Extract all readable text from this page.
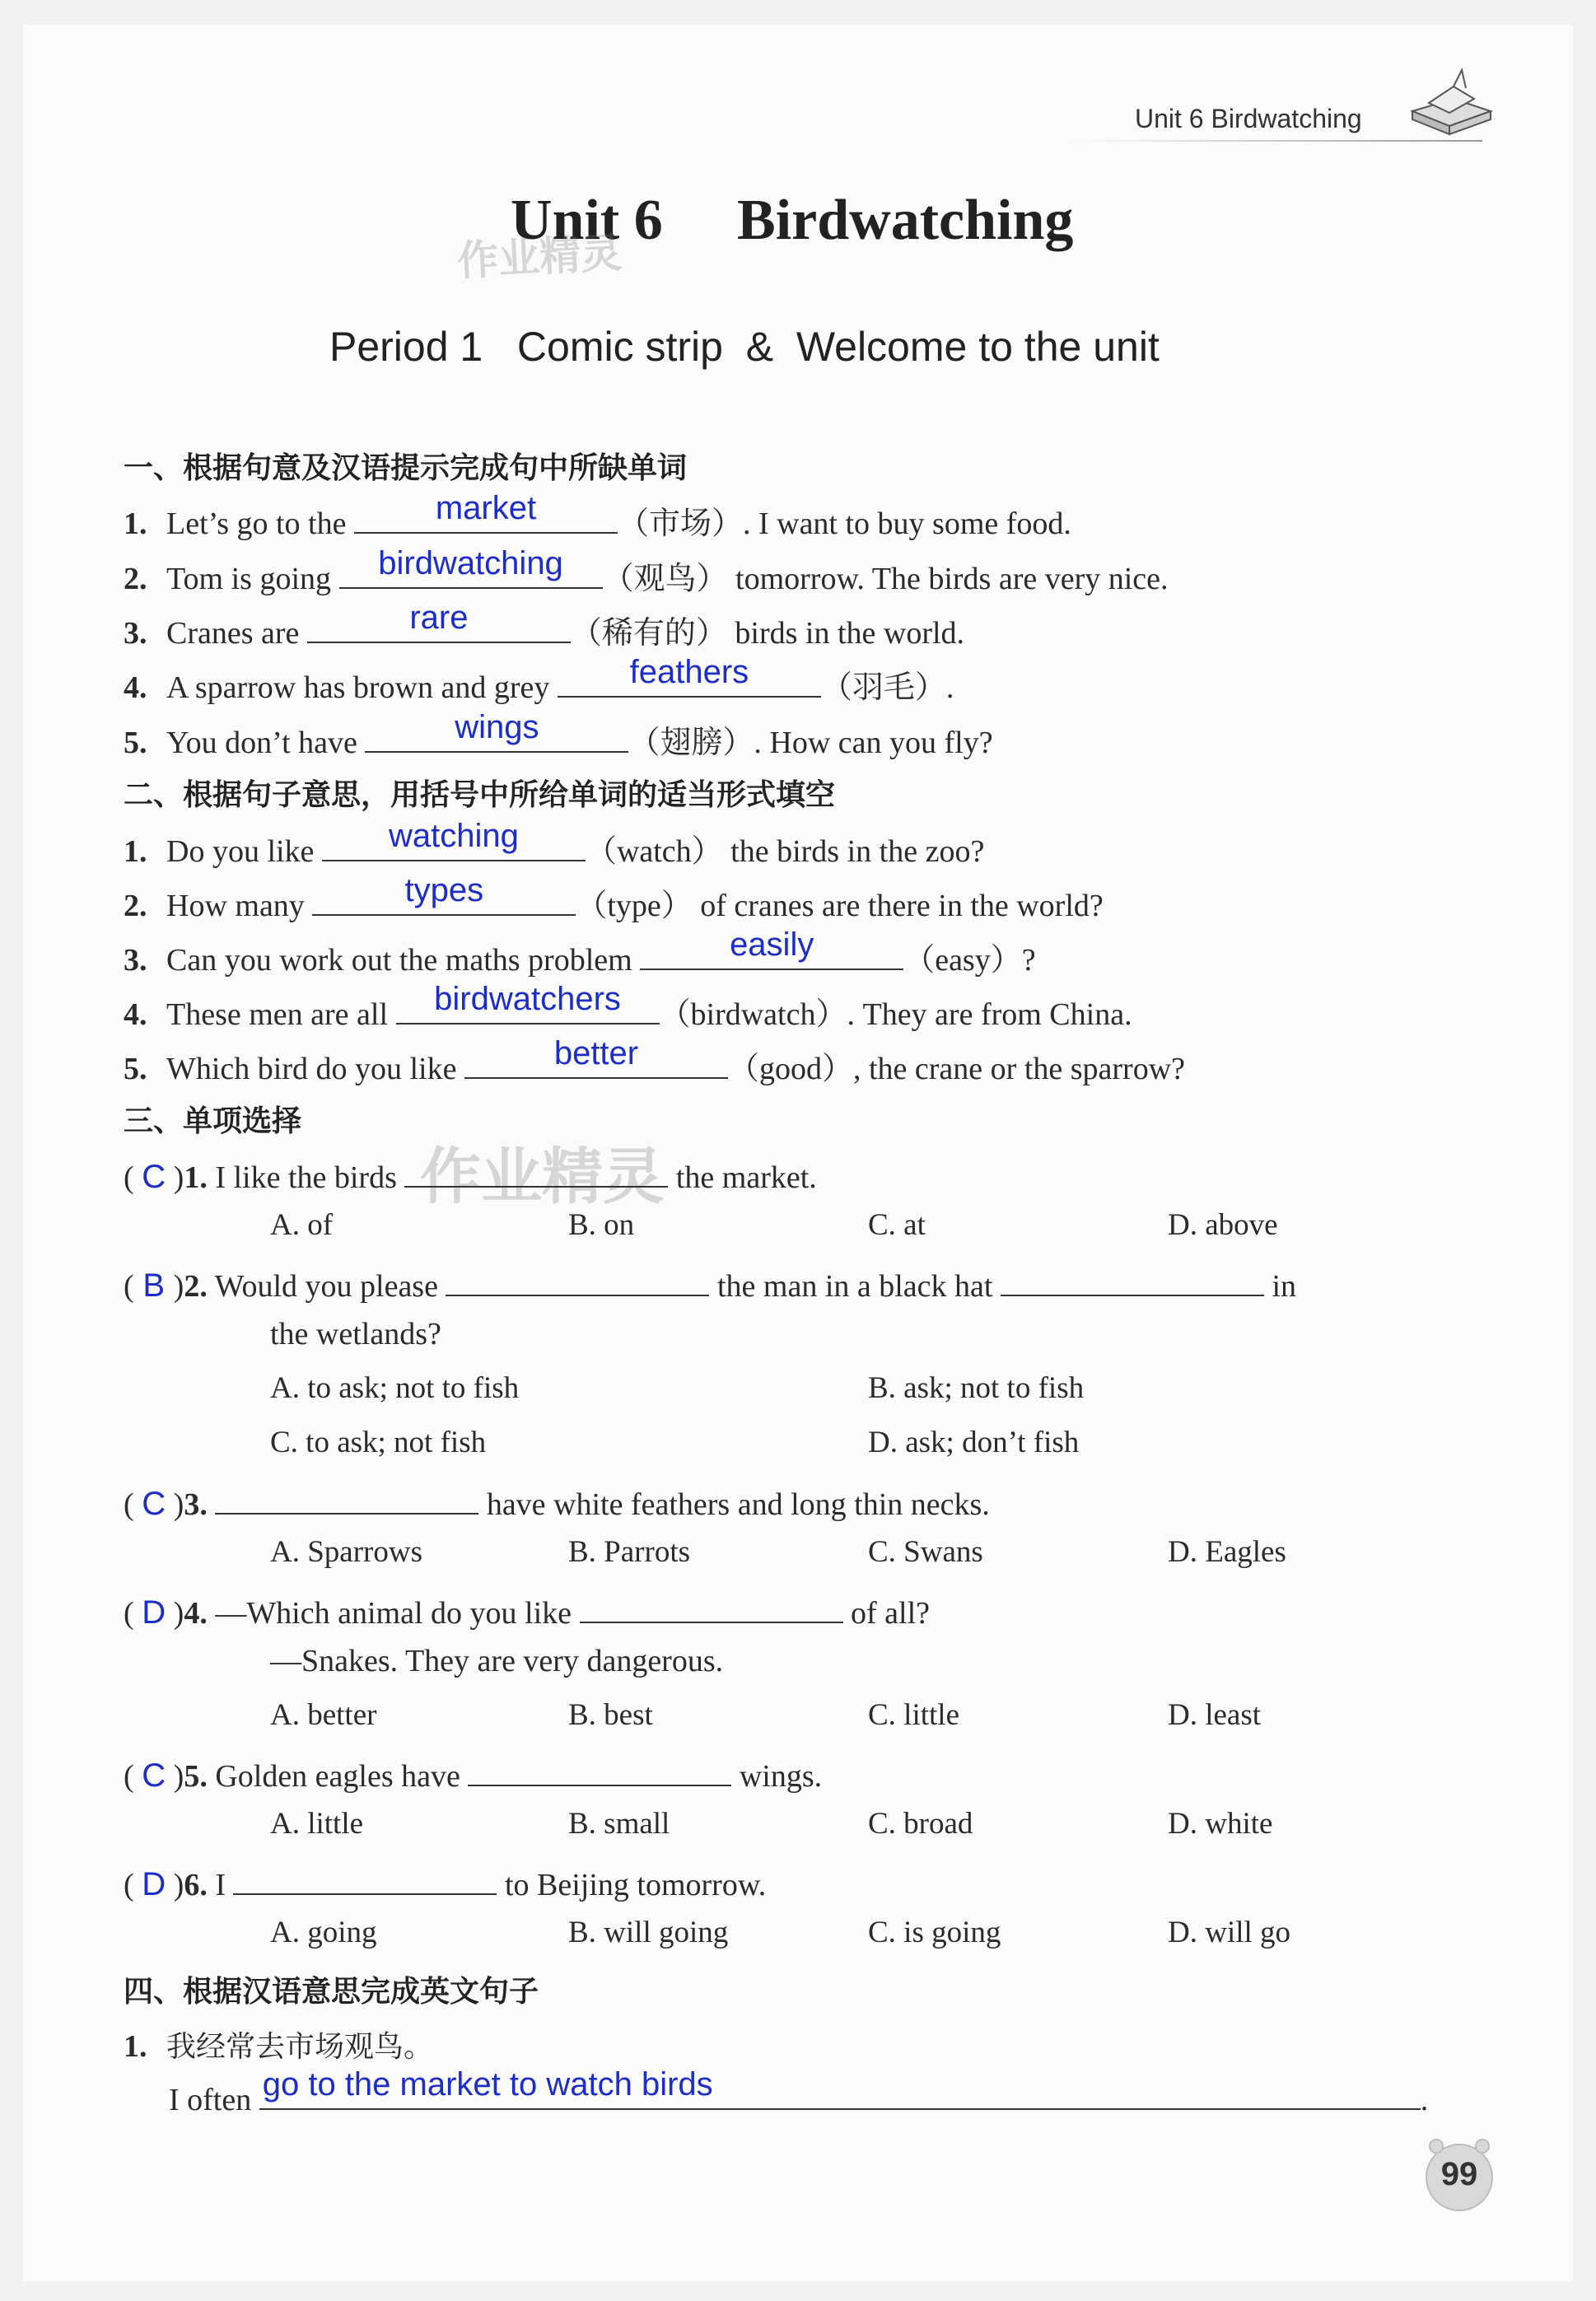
Unit 6 Birdwatching
Unit 6 Birdwatching
作业精灵
Period 1   Comic strip  &  Welcome to the unit
一、根据句意及汉语提示完成句中所缺单词
1. Let’s go to the	market	（市场）. I want to buy some food.
2. Tom is going	birdwatching	（观鸟） tomorrow. The birds are very nice.
3. Cranes are	rare	（稀有的） birds in the world.
4. A sparrow has brown and grey	feathers	（羽毛）.
5. You don’t have	wings	（翅膀）. How can you fly?
二、根据句子意思，用括号中所给单词的适当形式填空
1. Do you like	watching	（watch） the birds in the zoo?
2. How many	types	（type） of cranes are there in the world?
3. Can you work out the maths problem	easily	（easy）?
4. These men are all	birdwatchers	（birdwatch）. They are from China.
5. Which bird do you like	better	（good）, the crane or the sparrow?
三、单项选择
作业精灵
( C )1. I like the birds	the market.
A. of	B. on	C. at	D. above
( B )2. Would you please	the man in a black hat	in
the wetlands?
A. to ask; not to fish	B. ask; not to fish
C. to ask; not fish	D. ask; don’t fish
( C )3.	have white feathers and long thin necks.
A. Sparrows	B. Parrots	C. Swans	D. Eagles
( D )4. —Which animal do you like	of all?
—Snakes. They are very dangerous.
A. better	B. best	C. little	D. least
( C )5. Golden eagles have	wings.
A. little	B. small	C. broad	D. white
( D )6. I	to Beijing tomorrow.
A. going	B. will going	C. is going	D. will go
四、根据汉语意思完成英文句子
1. 我经常去市场观鸟。
I often go to the market to watch birds	.
99
